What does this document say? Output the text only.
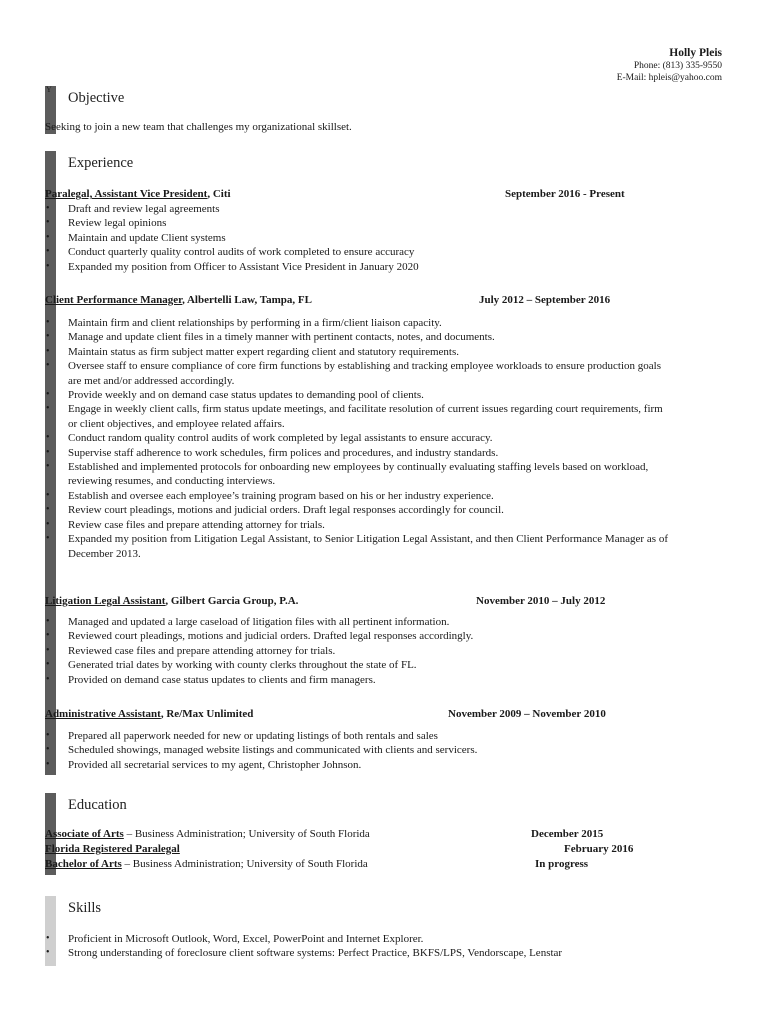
Holly Pleis
Phone: (813) 335-9550
E-Mail: hpleis@yahoo.com
Y
Objective
Seeking to join a new team that challenges my organizational skillset.
Experience
Paralegal, Assistant Vice President, Citi	September 2016 - Present
• Draft and review legal agreements
• Review legal opinions
• Maintain and update Client systems
• Conduct quarterly quality control audits of work completed to ensure accuracy
• Expanded my position from Officer to Assistant Vice President in January 2020
Client Performance Manager, Albertelli Law, Tampa, FL	July 2012 – September 2016
• Maintain firm and client relationships by performing in a firm/client liaison capacity.
• Manage and update client files in a timely manner with pertinent contacts, notes, and documents.
• Maintain status as firm subject matter expert regarding client and statutory requirements.
• Oversee staff to ensure compliance of core firm functions by establishing and tracking employee workloads to ensure production goals are met and/or addressed accordingly.
• Provide weekly and on demand case status updates to demanding pool of clients.
• Engage in weekly client calls, firm status update meetings, and facilitate resolution of current issues regarding court requirements, firm or client objectives, and employee related affairs.
• Conduct random quality control audits of work completed by legal assistants to ensure accuracy.
• Supervise staff adherence to work schedules, firm polices and procedures, and industry standards.
• Established and implemented protocols for onboarding new employees by continually evaluating staffing levels based on workload, reviewing resumes, and conducting interviews.
• Establish and oversee each employee’s training program based on his or her industry experience.
• Review court pleadings, motions and judicial orders. Draft legal responses accordingly for council.
• Review case files and prepare attending attorney for trials.
• Expanded my position from Litigation Legal Assistant, to Senior Litigation Legal Assistant, and then Client Performance Manager as of December 2013.
Litigation Legal Assistant, Gilbert Garcia Group, P.A.	November 2010 – July 2012
• Managed and updated a large caseload of litigation files with all pertinent information.
• Reviewed court pleadings, motions and judicial orders. Drafted legal responses accordingly.
• Reviewed case files and prepare attending attorney for trials.
• Generated trial dates by working with county clerks throughout the state of FL.
• Provided on demand case status updates to clients and firm managers.
Administrative Assistant, Re/Max Unlimited	November 2009 – November 2010
• Prepared all paperwork needed for new or updating listings of both rentals and sales
• Scheduled showings, managed website listings and communicated with clients and servicers.
• Provided all secretarial services to my agent, Christopher Johnson.
Education
Associate of Arts – Business Administration; University of South Florida	December 2015
Florida Registered Paralegal	February 2016
Bachelor of Arts – Business Administration; University of South Florida	In progress
Skills
• Proficient in Microsoft Outlook, Word, Excel, PowerPoint and Internet Explorer.
• Strong understanding of foreclosure client software systems: Perfect Practice, BKFS/LPS, Vendorscape, Lenstar
